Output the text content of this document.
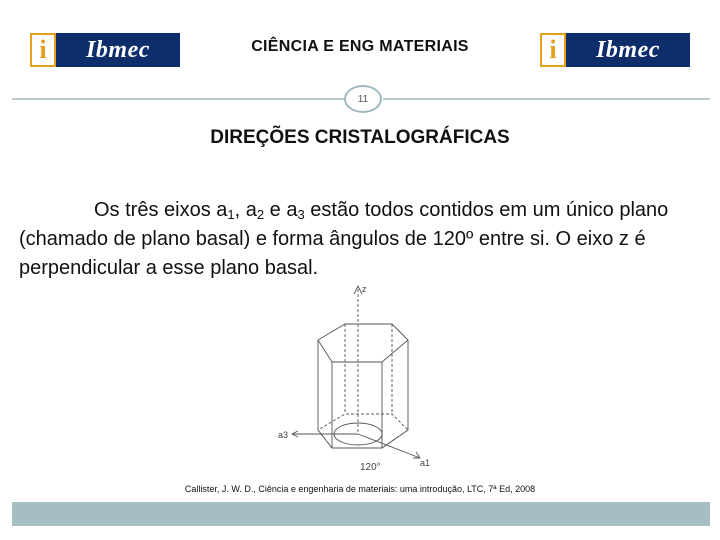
i Ibmec	CIÊNCIA E ENG MATERIAIS	i Ibmec
11
DIREÇÕES CRISTALOGRÁFICAS

Os três eixos $a_1$, $a_2$ e $a_3$ estão todos contidos em um único plano (chamado de plano basal) e forma ângulos de 120º entre si. O eixo z é perpendicular a esse plano basal.

z
a3
a1
120°
Callister, J. W. D., Ciência e engenharia de materiais: uma introdução, LTC, 7ª Ed, 2008
